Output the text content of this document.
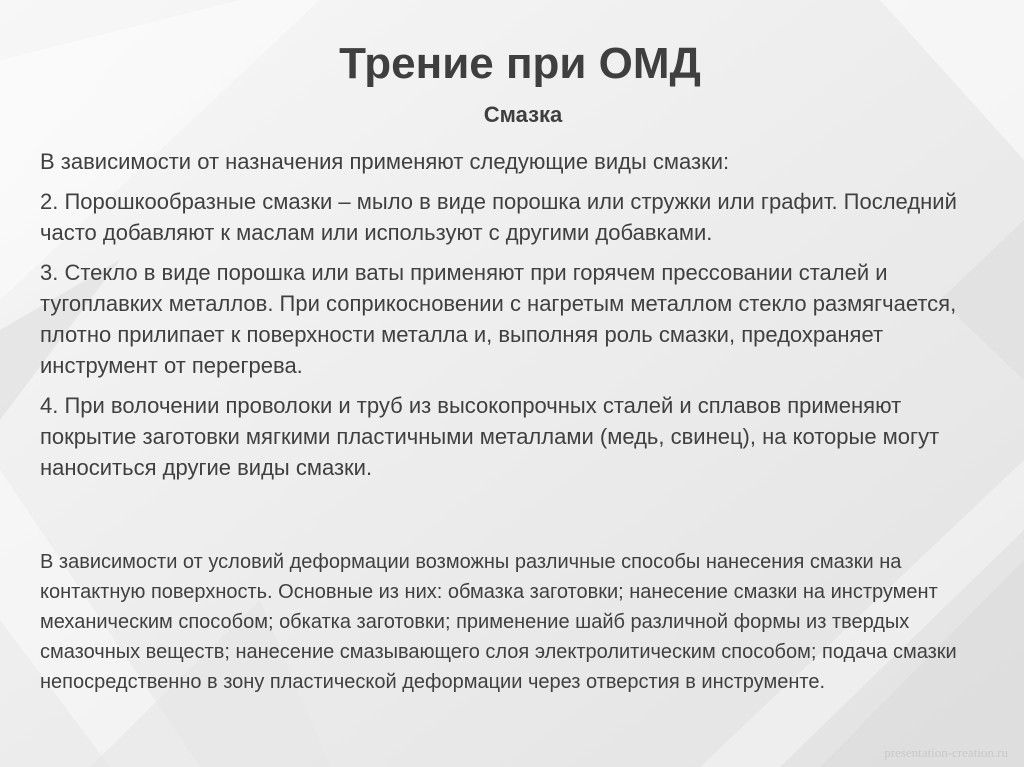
Трение при ОМД
Смазка

В зависимости от назначения применяют следующие виды смазки:

2. Порошкообразные смазки – мыло в виде порошка или стружки или графит. Последний часто добавляют к маслам или используют с другими добавками.

3. Стекло в виде порошка или ваты применяют при горячем прессовании сталей и тугоплавких металлов. При соприкосновении с нагретым металлом стекло размягчается, плотно прилипает к поверхности металла и, выполняя роль смазки, предохраняет инструмент от перегрева.

4. При волочении проволоки и труб из высокопрочных сталей и сплавов применяют покрытие заготовки мягкими пластичными металлами (медь, свинец), на которые могут наноситься другие виды смазки.

В зависимости от условий деформации возможны различные способы нанесения смазки на контактную поверхность. Основные из них: обмазка заготовки; нанесение смазки на инструмент механическим способом; обкатка заготовки; применение шайб различной формы из твердых смазочных веществ; нанесение смазывающего слоя электролитическим способом; подача смазки непосредственно в зону пластической деформации через отверстия в инструменте.

presentation-creation.ru
